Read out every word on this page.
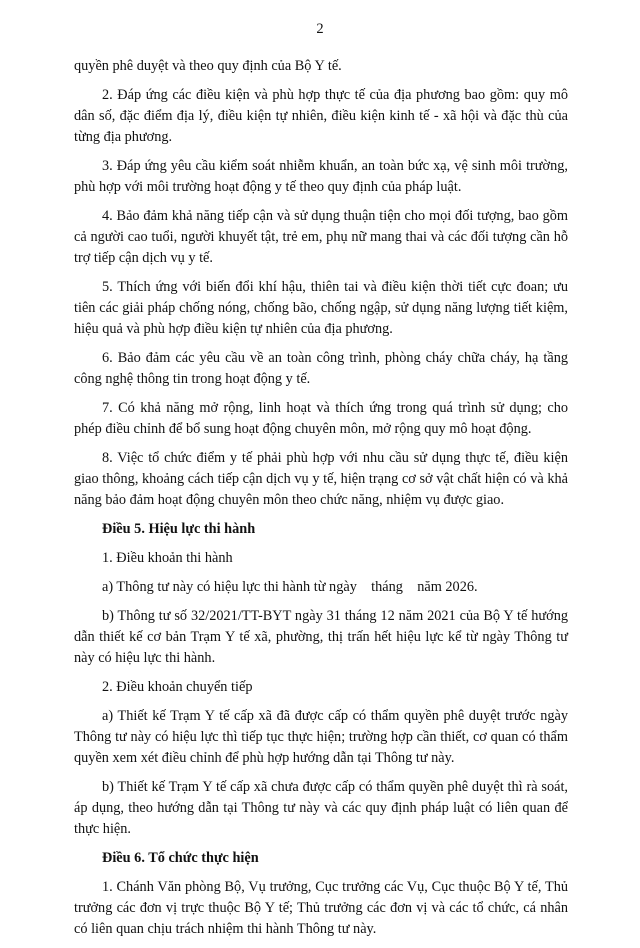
2

quyền phê duyệt và theo quy định của Bộ Y tế.

2. Đáp ứng các điều kiện và phù hợp thực tế của địa phương bao gồm: quy mô dân số, đặc điểm địa lý, điều kiện tự nhiên, điều kiện kinh tế - xã hội và đặc thù của từng địa phương.

3. Đáp ứng yêu cầu kiểm soát nhiễm khuẩn, an toàn bức xạ, vệ sinh môi trường, phù hợp với môi trường hoạt động y tế theo quy định của pháp luật.

4. Bảo đảm khả năng tiếp cận và sử dụng thuận tiện cho mọi đối tượng, bao gồm cả người cao tuổi, người khuyết tật, trẻ em, phụ nữ mang thai và các đối tượng cần hỗ trợ tiếp cận dịch vụ y tế.

5. Thích ứng với biến đổi khí hậu, thiên tai và điều kiện thời tiết cực đoan; ưu tiên các giải pháp chống nóng, chống bão, chống ngập, sử dụng năng lượng tiết kiệm, hiệu quả và phù hợp điều kiện tự nhiên của địa phương.

6. Bảo đảm các yêu cầu về an toàn công trình, phòng cháy chữa cháy, hạ tầng công nghệ thông tin trong hoạt động y tế.

7. Có khả năng mở rộng, linh hoạt và thích ứng trong quá trình sử dụng; cho phép điều chỉnh để bổ sung hoạt động chuyên môn, mở rộng quy mô hoạt động.

8. Việc tổ chức điểm y tế phải phù hợp với nhu cầu sử dụng thực tế, điều kiện giao thông, khoảng cách tiếp cận dịch vụ y tế, hiện trạng cơ sở vật chất hiện có và khả năng bảo đảm hoạt động chuyên môn theo chức năng, nhiệm vụ được giao.

Điều 5. Hiệu lực thi hành

1. Điều khoản thi hành

a) Thông tư này có hiệu lực thi hành từ ngày    tháng    năm 2026.

b) Thông tư số 32/2021/TT-BYT ngày 31 tháng 12 năm 2021 của Bộ Y tế hướng dẫn thiết kế cơ bản Trạm Y tế xã, phường, thị trấn hết hiệu lực kể từ ngày Thông tư này có hiệu lực thi hành.

2. Điều khoản chuyển tiếp

a) Thiết kế Trạm Y tế cấp xã đã được cấp có thẩm quyền phê duyệt trước ngày Thông tư này có hiệu lực thì tiếp tục thực hiện; trường hợp cần thiết, cơ quan có thẩm quyền xem xét điều chỉnh để phù hợp hướng dẫn tại Thông tư này.

b) Thiết kế Trạm Y tế cấp xã chưa được cấp có thẩm quyền phê duyệt thì rà soát, áp dụng, theo hướng dẫn tại Thông tư này và các quy định pháp luật có liên quan để thực hiện.

Điều 6. Tổ chức thực hiện

1. Chánh Văn phòng Bộ, Vụ trưởng, Cục trưởng các Vụ, Cục thuộc Bộ Y tế, Thủ trưởng các đơn vị trực thuộc Bộ Y tế; Thủ trưởng các đơn vị và các tổ chức, cá nhân có liên quan chịu trách nhiệm thi hành Thông tư này.
